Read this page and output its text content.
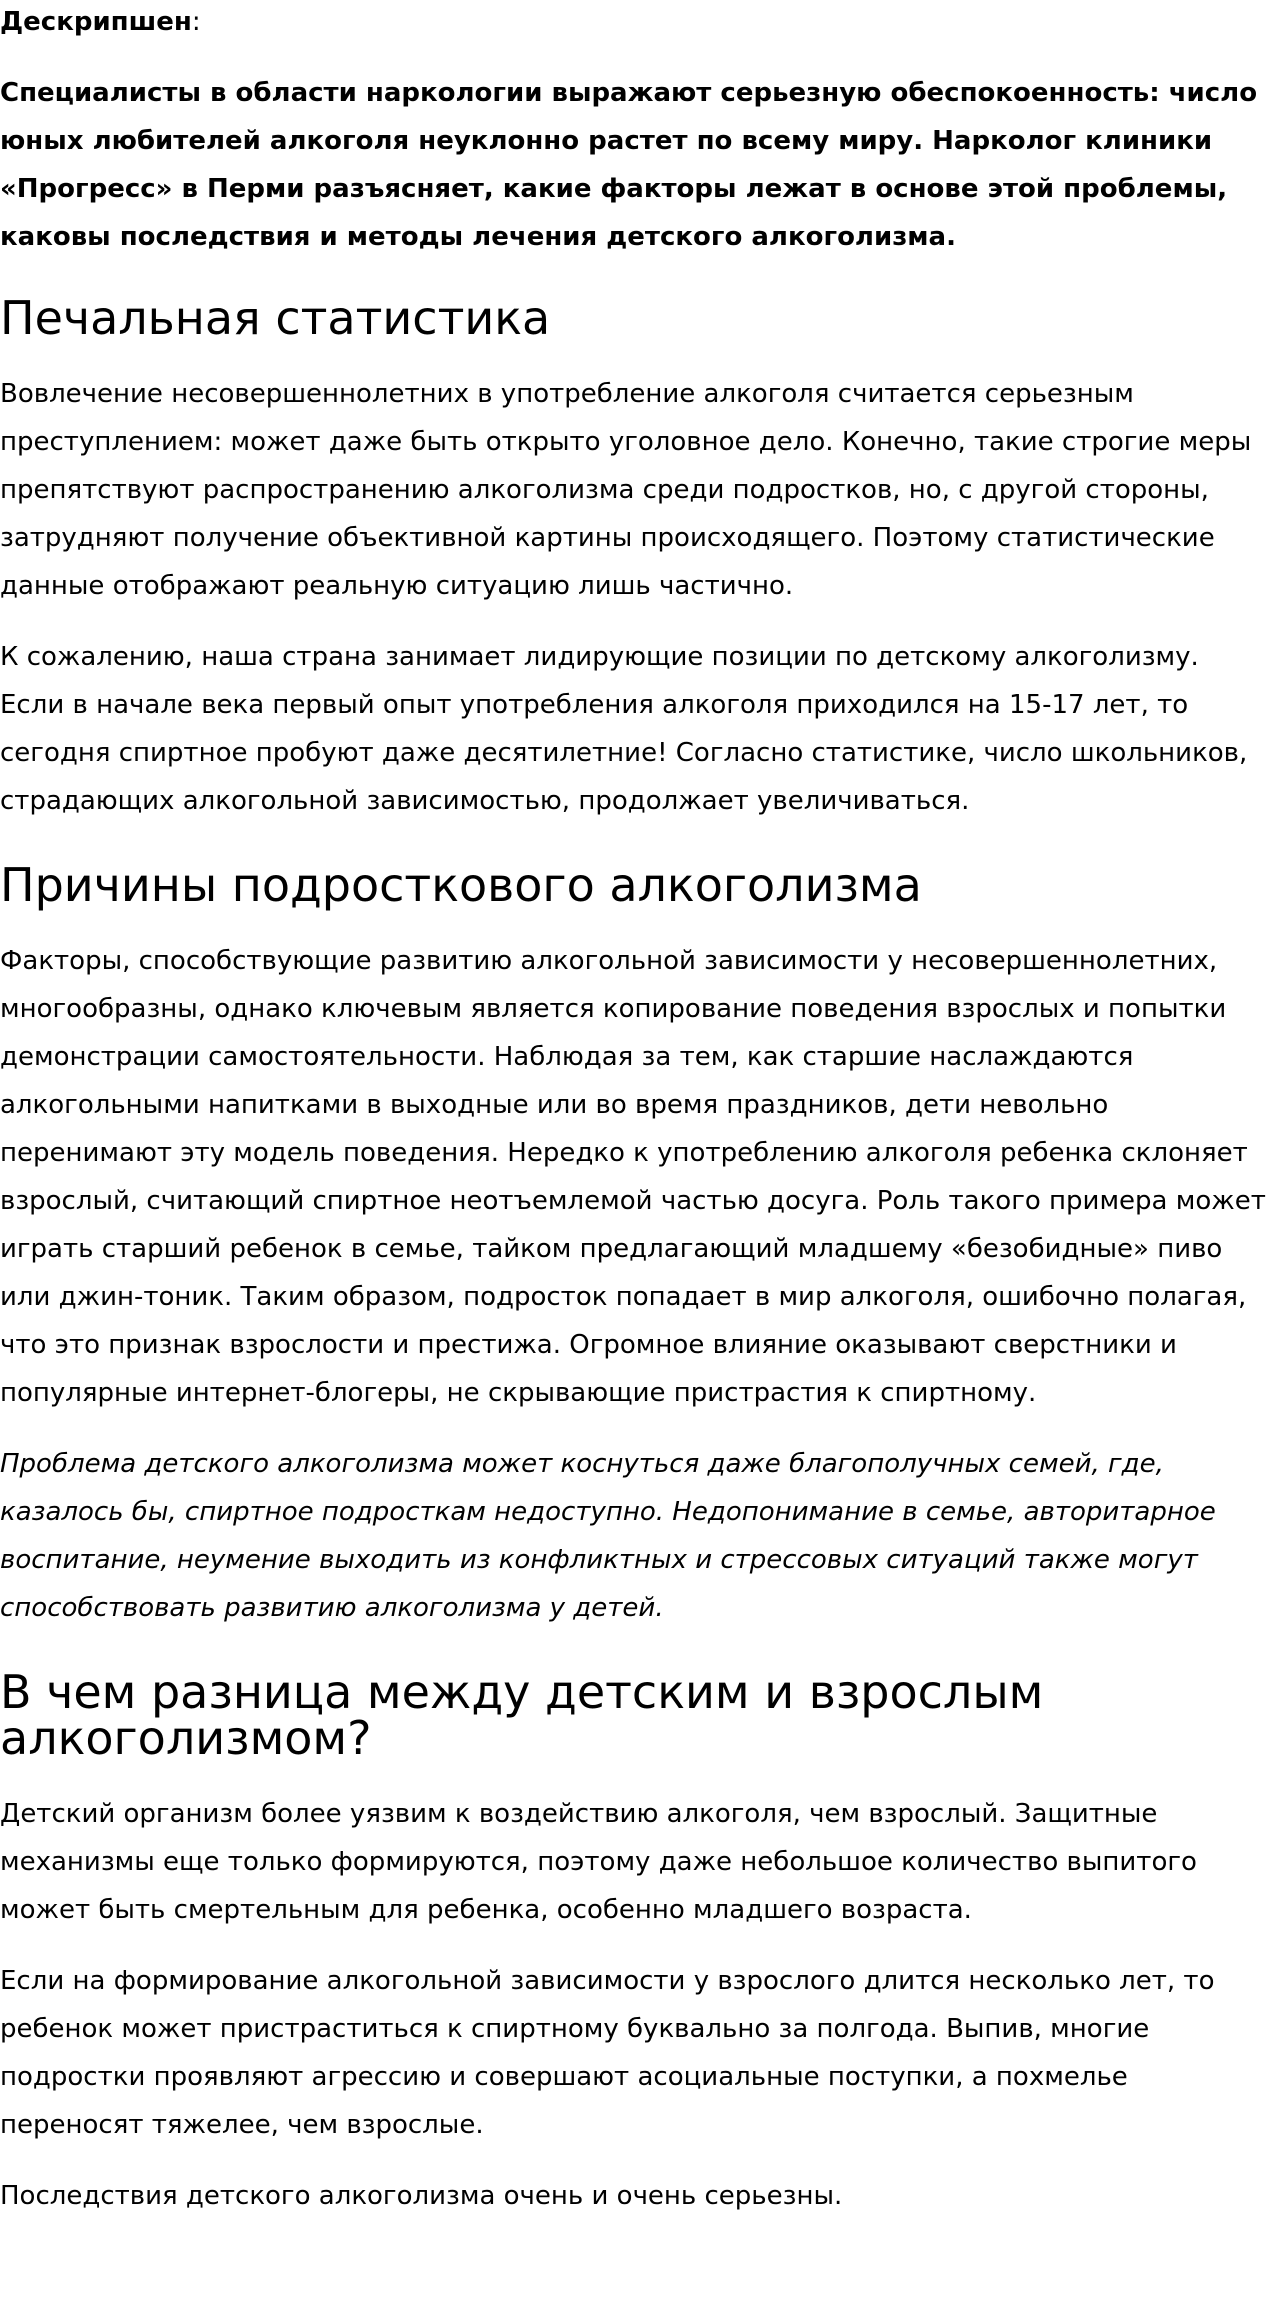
Дескрипшен:

Специалисты в области наркологии выражают серьезную обеспокоенность: число юных любителей алкоголя неуклонно растет по всему миру. Нарколог клиники «Прогресс» в Перми разъясняет, какие факторы лежат в основе этой проблемы, каковы последствия и методы лечения детского алкоголизма.

Печальная статистика

Вовлечение несовершеннолетних в употребление алкоголя считается серьезным преступлением: может даже быть открыто уголовное дело. Конечно, такие строгие меры препятствуют распространению алкоголизма среди подростков, но, с другой стороны, затрудняют получение объективной картины происходящего. Поэтому статистические данные отображают реальную ситуацию лишь частично.

К сожалению, наша страна занимает лидирующие позиции по детскому алкоголизму. Если в начале века первый опыт употребления алкоголя приходился на 15-17 лет, то сегодня спиртное пробуют даже десятилетние! Согласно статистике, число школьников, страдающих алкогольной зависимостью, продолжает увеличиваться.

Причины подросткового алкоголизма

Факторы, способствующие развитию алкогольной зависимости у несовершеннолетних, многообразны, однако ключевым является копирование поведения взрослых и попытки демонстрации самостоятельности. Наблюдая за тем, как старшие наслаждаются алкогольными напитками в выходные или во время праздников, дети невольно перенимают эту модель поведения. Нередко к употреблению алкоголя ребенка склоняет взрослый, считающий спиртное неотъемлемой частью досуга. Роль такого примера может играть старший ребенок в семье, тайком предлагающий младшему «безобидные» пиво или джин-тоник. Таким образом, подросток попадает в мир алкоголя, ошибочно полагая, что это признак взрослости и престижа. Огромное влияние оказывают сверстники и популярные интернет-блогеры, не скрывающие пристрастия к спиртному.

Проблема детского алкоголизма может коснуться даже благополучных семей, где, казалось бы, спиртное подросткам недоступно. Недопонимание в семье, авторитарное воспитание, неумение выходить из конфликтных и стрессовых ситуаций также могут способствовать развитию алкоголизма у детей.

В чем разница между детским и взрослым алкоголизмом?

Детский организм более уязвим к воздействию алкоголя, чем взрослый. Защитные механизмы еще только формируются, поэтому даже небольшое количество выпитого может быть смертельным для ребенка, особенно младшего возраста.

Если на формирование алкогольной зависимости у взрослого длится несколько лет, то ребенок может пристраститься к спиртному буквально за полгода. Выпив, многие подростки проявляют агрессию и совершают асоциальные поступки, а похмелье переносят тяжелее, чем взрослые.

Последствия детского алкоголизма очень и очень серьезны.
